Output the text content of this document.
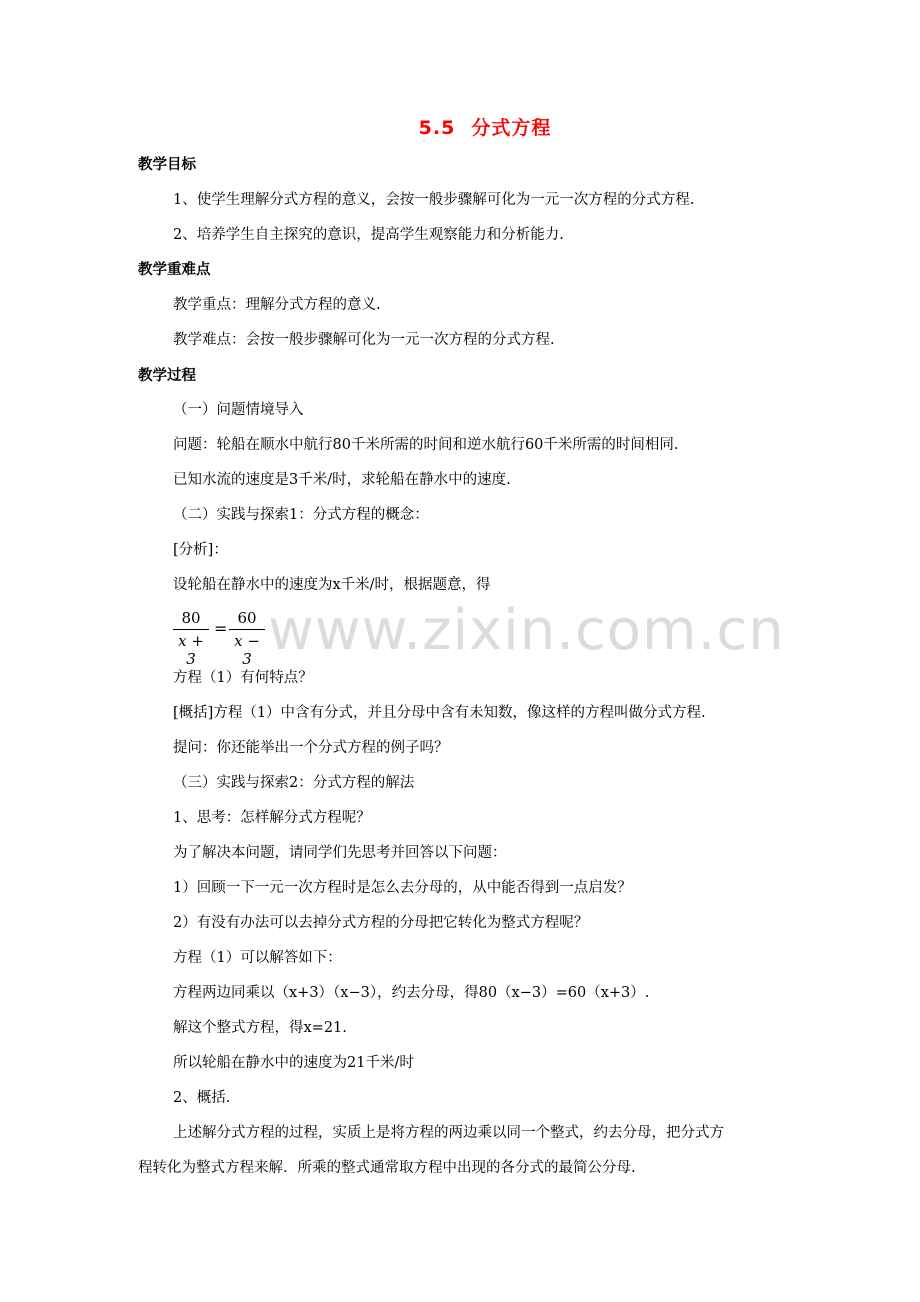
5.5 分式方程
教学目标
1、使学生理解分式方程的意义，会按一般步骤解可化为一元一次方程的分式方程.
2、培养学生自主探究的意识，提高学生观察能力和分析能力.
教学重难点
教学重点：理解分式方程的意义.
教学难点：会按一般步骤解可化为一元一次方程的分式方程.
教学过程
（一）问题情境导入
问题：轮船在顺水中航行80千米所需的时间和逆水航行60千米所需的时间相同.
已知水流的速度是3千米/时，求轮船在静水中的速度.
（二）实践与探索1：分式方程的概念：
[分析]：
设轮船在静水中的速度为x千米/时，根据题意，得
www.zixin.com.cn
80
x + 3
=
60
x − 3
方程（1）有何特点？
[概括]方程（1）中含有分式，并且分母中含有未知数，像这样的方程叫做分式方程.
提问：你还能举出一个分式方程的例子吗？
（三）实践与探索2：分式方程的解法
1、思考：怎样解分式方程呢？
为了解决本问题，请同学们先思考并回答以下问题：
1）回顾一下一元一次方程时是怎么去分母的，从中能否得到一点启发？
2）有没有办法可以去掉分式方程的分母把它转化为整式方程呢？
方程（1）可以解答如下：
方程两边同乘以（x+3）（x−3），约去分母，得80（x−3）=60（x+3）.
解这个整式方程，得x=21.
所以轮船在静水中的速度为21千米/时
2、概括.
上述解分式方程的过程，实质上是将方程的两边乘以同一个整式，约去分母，把分式方
程转化为整式方程来解．所乘的整式通常取方程中出现的各分式的最简公分母.
